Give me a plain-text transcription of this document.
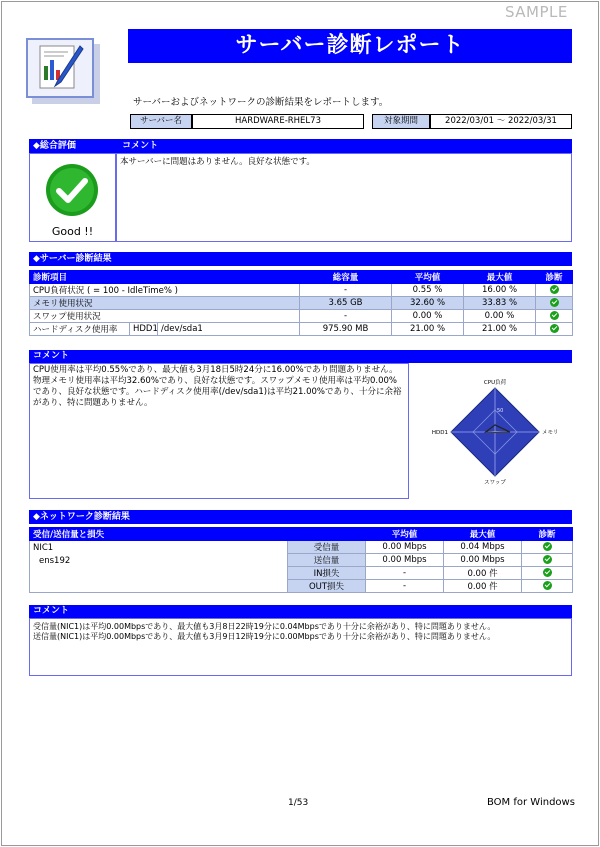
SAMPLE
サーバー診断レポート
サーバーおよびネットワークの診断結果をレポートします。
サーバー名	HARDWARE-RHEL73	対象期間	2022/03/01 ～ 2022/03/31
◆総合評価	コメント
Good !!
本サーバーに問題はありません。良好な状態です。
◆サーバー診断結果
診断項目			総容量	平均値	最大値	診断
CPU負荷状況 ( = 100 - IdleTime% )			-	0.55 %	16.00 %	
メモリ使用状況			3.65 GB	32.60 %	33.83 %	
スワップ使用状況			-	0.00 %	0.00 %	
ハードディスク使用率	HDD1	/dev/sda1	975.90 MB	21.00 %	21.00 %	
コメント
CPU使用率は平均0.55%であり、最大値も3月18日5時24分に16.00%であり問題ありません。物理メモリ使用率は平均32.60%であり、良好な状態です。スワップメモリ使用率は平均0.00%であり、良好な状態です。ハードディスク使用率(/dev/sda1)は平均21.00%であり、十分に余裕があり、特に問題ありません。
50
CPU負荷
メモリ
スワップ
HDD1
◆ネットワーク診断結果
受信/送信量と損失		平均値	最大値	診断

NIC1
ens192	受信量	0.00 Mbps	0.04 Mbps	
	送信量	0.00 Mbps	0.00 Mbps	
	IN損失	-	0.00 件	
	OUT損失	-	0.00 件	
コメント
受信量(NIC1)は平均0.00Mbpsであり、最大値も3月8日22時19分に0.04Mbpsであり十分に余裕があり、特に問題ありません。
送信量(NIC1)は平均0.00Mbpsであり、最大値も3月9日12時19分に0.00Mbpsであり十分に余裕があり、特に問題ありません。
1/53	BOM for Windows
